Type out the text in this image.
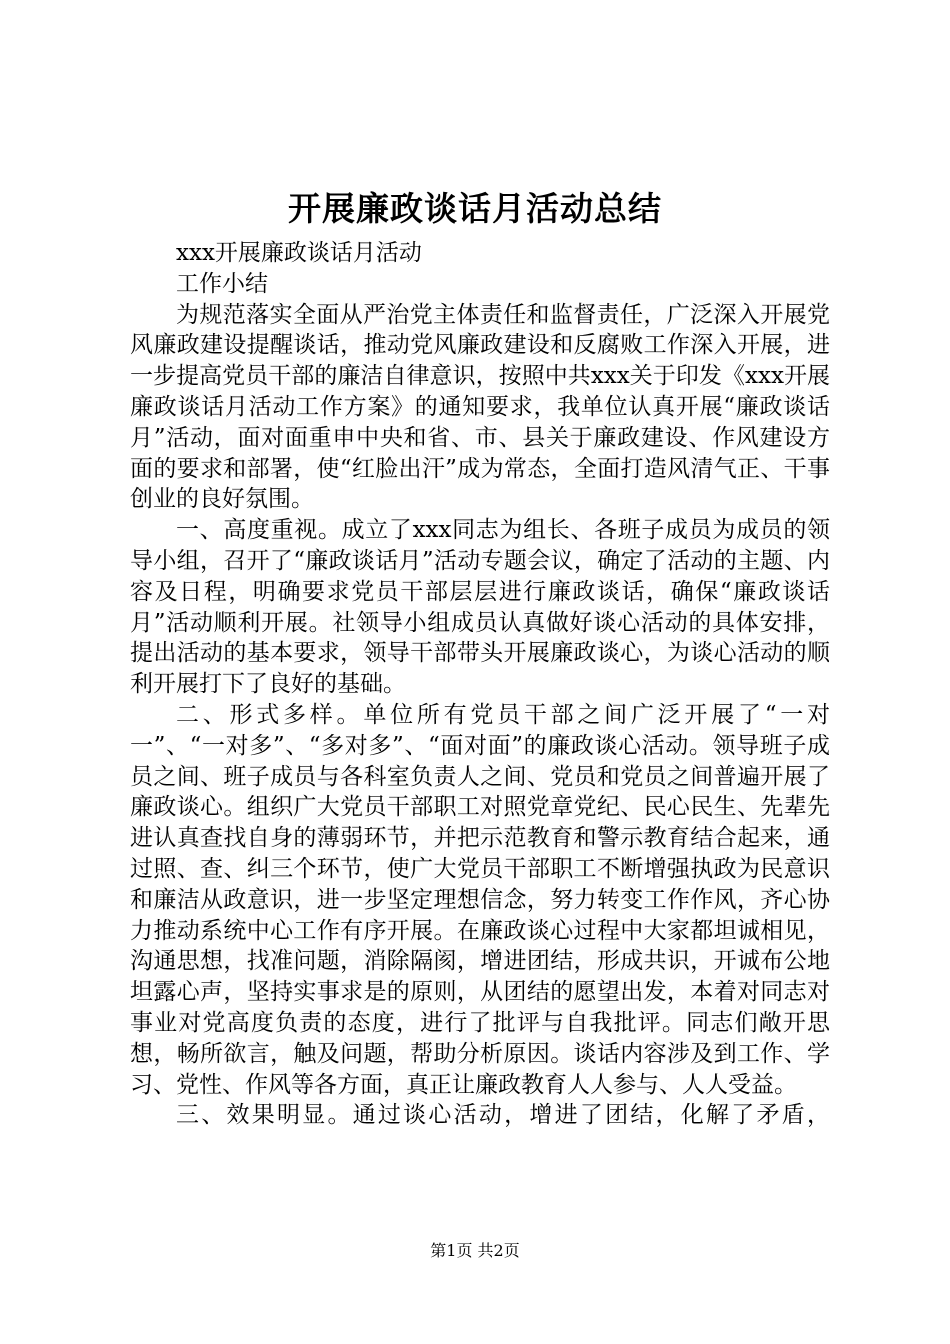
开展廉政谈话月活动总结

xxx开展廉政谈话月活动

工作小结

为规范落实全面从严治党主体责任和监督责任，广泛深入开展党风廉政建设提醒谈话，推动党风廉政建设和反腐败工作深入开展，进一步提高党员干部的廉洁自律意识，按照中共xxx关于印发《xxx开展廉政谈话月活动工作方案》的通知要求，我单位认真开展“廉政谈话月”活动，面对面重申中央和省、市、县关于廉政建设、作风建设方面的要求和部署，使“红脸出汗”成为常态，全面打造风清气正、干事创业的良好氛围。

一、高度重视。成立了xxx同志为组长、各班子成员为成员的领导小组，召开了“廉政谈话月”活动专题会议，确定了活动的主题、内容及日程，明确要求党员干部层层进行廉政谈话，确保“廉政谈话月”活动顺利开展。社领导小组成员认真做好谈心活动的具体安排，提出活动的基本要求，领导干部带头开展廉政谈心，为谈心活动的顺利开展打下了良好的基础。

二、形式多样。单位所有党员干部之间广泛开展了“一对一”、“一对多”、“多对多”、“面对面”的廉政谈心活动。领导班子成员之间、班子成员与各科室负责人之间、党员和党员之间普遍开展了廉政谈心。组织广大党员干部职工对照党章党纪、民心民生、先辈先进认真查找自身的薄弱环节，并把示范教育和警示教育结合起来，通过照、查、纠三个环节，使广大党员干部职工不断增强执政为民意识和廉洁从政意识，进一步坚定理想信念，努力转变工作作风，齐心协力推动系统中心工作有序开展。在廉政谈心过程中大家都坦诚相见，沟通思想，找准问题，消除隔阂，增进团结，形成共识，开诚布公地坦露心声，坚持实事求是的原则，从团结的愿望出发，本着对同志对事业对党高度负责的态度，进行了批评与自我批评。同志们敞开思想，畅所欲言，触及问题，帮助分析原因。谈话内容涉及到工作、学习、党性、作风等各方面，真正让廉政教育人人参与、人人受益。

三、效果明显。通过谈心活动，增进了团结，化解了矛盾，

第1页 共2页
